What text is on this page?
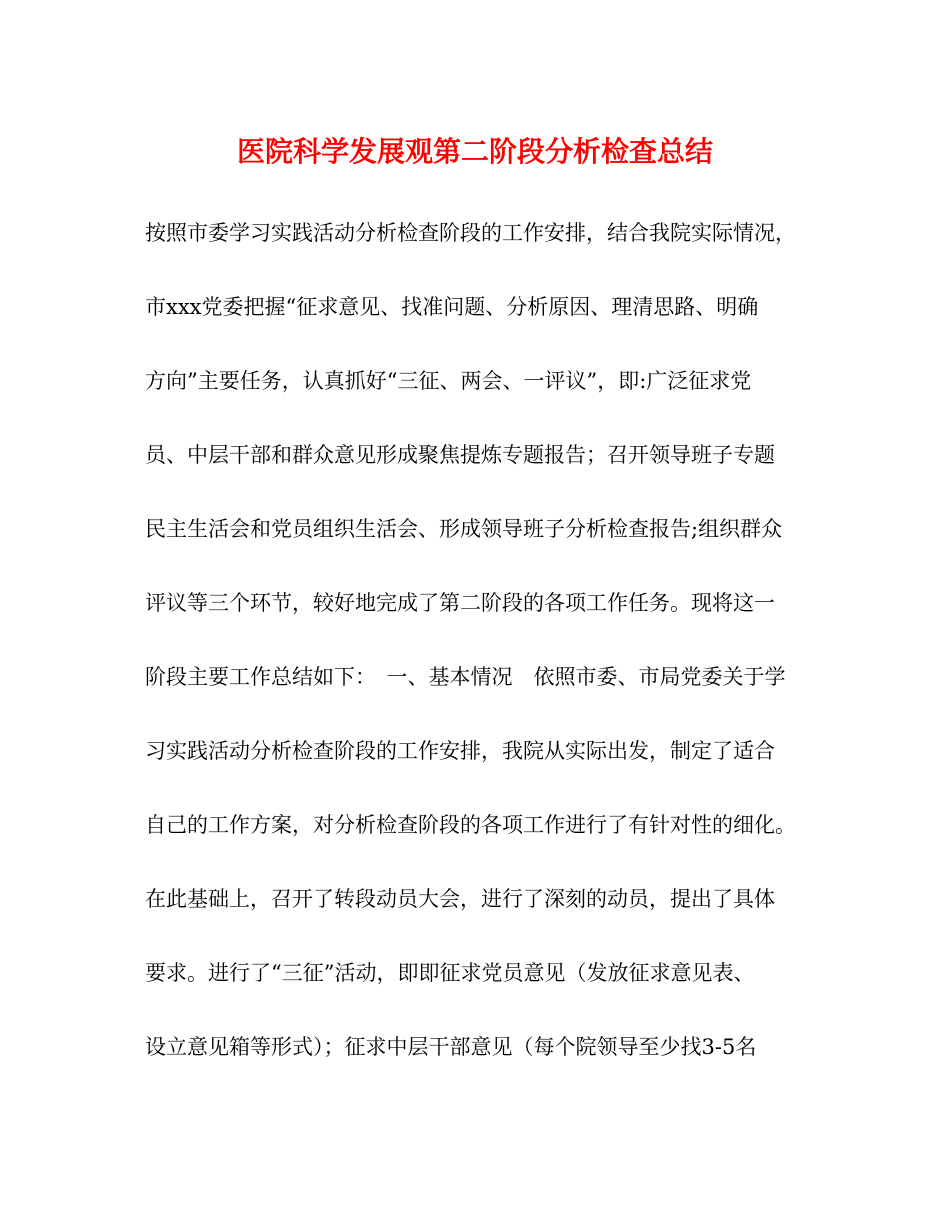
医院科学发展观第二阶段分析检查总结
按照市委学习实践活动分析检查阶段的工作安排，结合我院实际情况，
市xxx党委把握“征求意见、找准问题、分析原因、理清思路、明确
方向”主要任务，认真抓好“三征、两会、一评议”，即:广泛征求党
员、中层干部和群众意见形成聚焦提炼专题报告；召开领导班子专题
民主生活会和党员组织生活会、形成领导班子分析检查报告;组织群众
评议等三个环节，较好地完成了第二阶段的各项工作任务。现将这一
阶段主要工作总结如下：　一、基本情况　依照市委、市局党委关于学
习实践活动分析检查阶段的工作安排，我院从实际出发，制定了适合
自己的工作方案，对分析检查阶段的各项工作进行了有针对性的细化。
在此基础上，召开了转段动员大会，进行了深刻的动员，提出了具体
要求。进行了“三征”活动，即即征求党员意见（发放征求意见表、
设立意见箱等形式）；征求中层干部意见（每个院领导至少找3-5名
